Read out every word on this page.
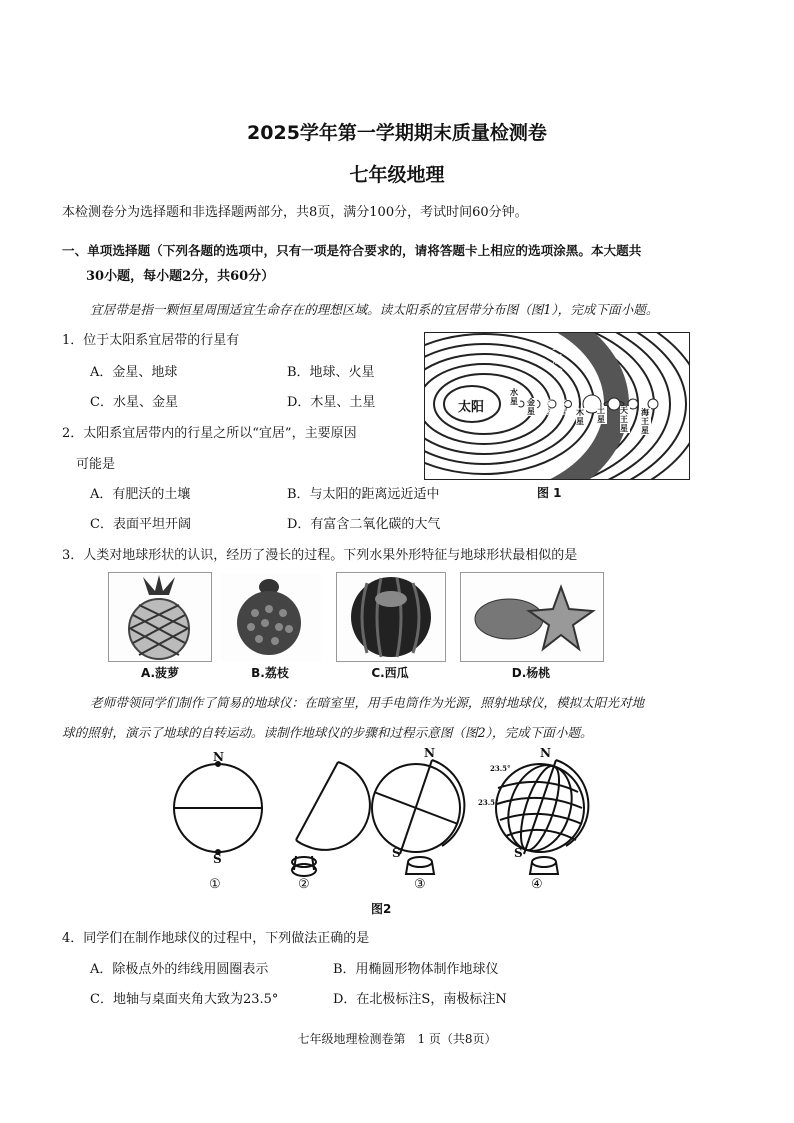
2025学年第一学期期末质量检测卷
七年级地理
本检测卷分为选择题和非选择题两部分，共8页，满分100分，考试时间60分钟。
一、单项选择题（下列各题的选项中，只有一项是符合要求的，请将答题卡上相应的选项涂黑。本大题共
30小题，每小题2分，共60分）
宜居带是指一颗恒星周围适宜生命存在的理想区域。读太阳系的宜居带分布图（图1），完成下面小题。
1．位于太阳系宜居带的行星有
A．金星、地球	B．地球、火星
C．水星、金星	D．木星、土星
2．太阳系宜居带内的行星之所以“宜居”，主要原因
可能是
A．有肥沃的土壤	B．与太阳的距离远近适中
C．表面平坦开阔	D．有富含二氧化碳的大气
太阳
水星 金星
地球
火星 木星
土星
天王星
海王星
宜居带
图 1
3．人类对地球形状的认识，经历了漫长的过程。下列水果外形特征与地球形状最相似的是
A.菠萝	B.荔枝	C.西瓜	D.杨桃
老师带领同学们制作了简易的地球仪：在暗室里，用手电筒作为光源，照射地球仪，模拟太阳光对地
球的照射，演示了地球的自转运动。读制作地球仪的步骤和过程示意图（图2），完成下面小题。
N
S
N
S
N
S
23.5°
23.5°
①	②	③	④
图2
4．同学们在制作地球仪的过程中，下列做法正确的是
A．除极点外的纬线用圆圈表示	B．用椭圆形物体制作地球仪
C．地轴与桌面夹角大致为23.5°	D．在北极标注S，南极标注N
七年级地理检测卷第　1 页（共8页）
